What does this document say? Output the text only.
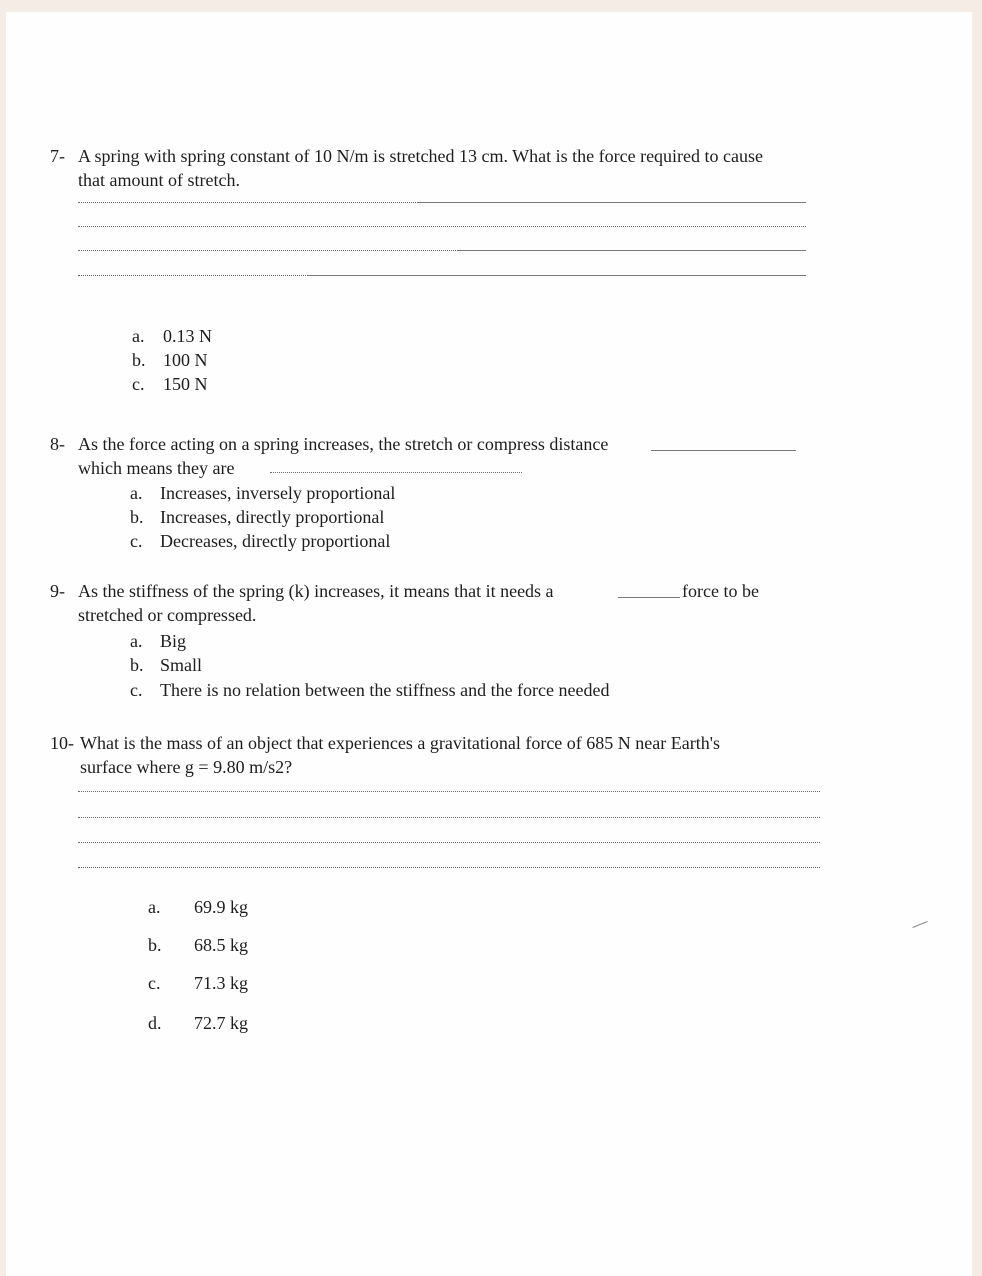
7- A spring with spring constant of 10 N/m is stretched 13 cm. What is the force required to cause
that amount of stretch.
a. 0.13 N
b. 100 N
c. 150 N
8- As the force acting on a spring increases, the stretch or compress distance
which means they are
a. Increases, inversely proportional
b. Increases, directly proportional
c. Decreases, directly proportional
9- As the stiffness of the spring (k) increases, it means that it needs a	force to be
stretched or compressed.
a. Big
b. Small
c. There is no relation between the stiffness and the force needed
10- What is the mass of an object that experiences a gravitational force of 685 N near Earth's
surface where g = 9.80 m/s2?
a. 69.9 kg
b. 68.5 kg
c. 71.3 kg
d. 72.7 kg
